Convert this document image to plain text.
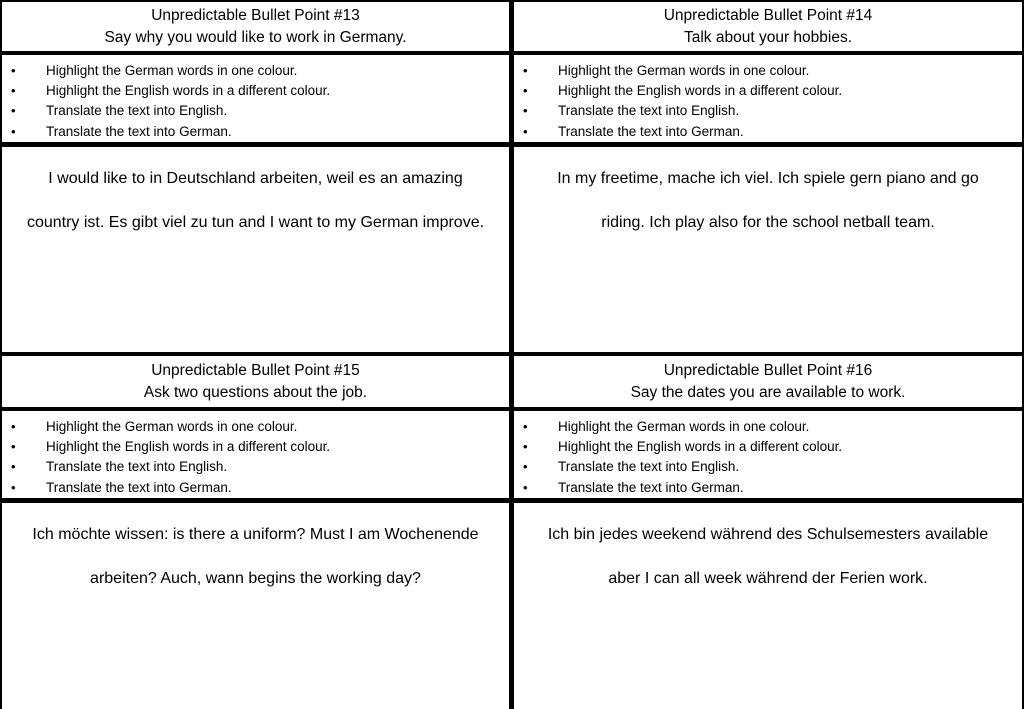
Unpredictable Bullet Point #13
Say why you would like to work in Germany.
• Highlight the German words in one colour.
• Highlight the English words in a different colour.
• Translate the text into English.
• Translate the text into German.
I would like to in Deutschland arbeiten, weil es an amazing
country ist. Es gibt viel zu tun and I want to my German improve.
Unpredictable Bullet Point #14
Talk about your hobbies.
• Highlight the German words in one colour.
• Highlight the English words in a different colour.
• Translate the text into English.
• Translate the text into German.
In my freetime, mache ich viel. Ich spiele gern piano and go
riding. Ich play also for the school netball team.
Unpredictable Bullet Point #15
Ask two questions about the job.
• Highlight the German words in one colour.
• Highlight the English words in a different colour.
• Translate the text into English.
• Translate the text into German.
Ich möchte wissen: is there a uniform? Must I am Wochenende
arbeiten? Auch, wann begins the working day?
Unpredictable Bullet Point #16
Say the dates you are available to work.
• Highlight the German words in one colour.
• Highlight the English words in a different colour.
• Translate the text into English.
• Translate the text into German.
Ich bin jedes weekend während des Schulsemesters available
aber I can all week während der Ferien work.
